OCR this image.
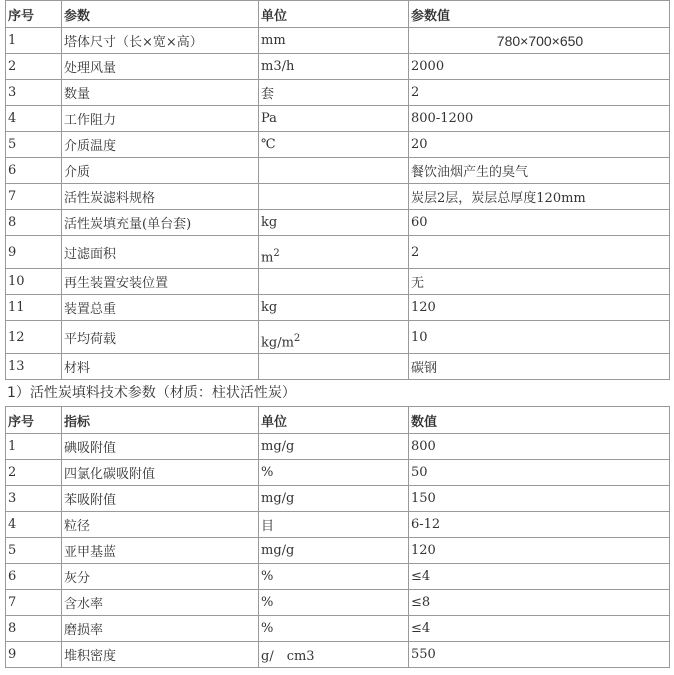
序号	参数	单位	参数值
1	塔体尺寸（长×宽×高）	mm	780×700×650
2	处理风量	m3/h	2000
3	数量	套	2
4	工作阻力	Pa	800-1200
5	介质温度	℃	20
6	介质		餐饮油烟产生的臭气
7	活性炭滤料规格		炭层2层，炭层总厚度120mm
8	活性炭填充量(单台套)	kg	60
9	过滤面积	$m^2$	2
10	再生装置安装位置		无
11	装置总重	kg	120
12	平均荷载	$kg/m^2$	10
13	材料		碳钢
1）活性炭填料技术参数（材质：柱状活性炭）
序号	指标	单位	数值
1	碘吸附值	mg/g	800
2	四氯化碳吸附值	%	50
3	苯吸附值	mg/g	150
4	粒径	目	6-12
5	亚甲基蓝	mg/g	120
6	灰分	%	≤4
7	含水率	%	≤8
8	磨损率	%	≤4
9	堆积密度	g/　cm3	550
